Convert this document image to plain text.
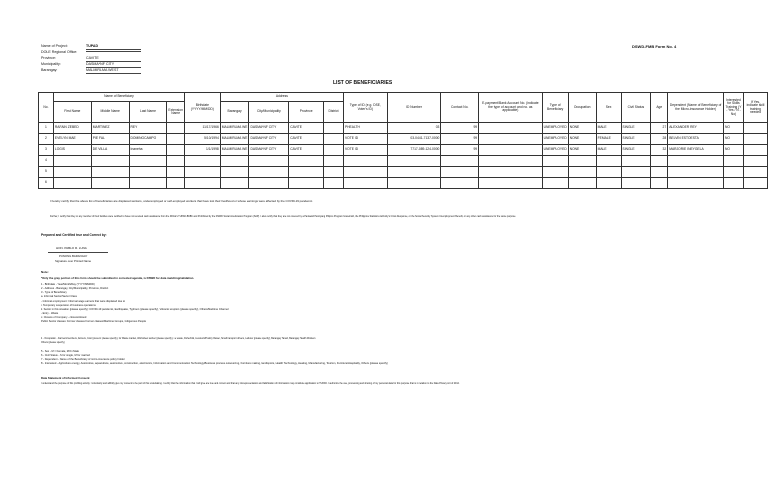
DSWD-FMB Form No. 4
Name of Project:	TUPAD
DOLE Regional Office:
Province:	CAVITE
Municipality:	DASMA*NF CITY
Barangay:	MALMIRLMA WEST
LIST OF BENEFICIARIES
No.	Name of Beneficiary				Birthdate (YYYY/MM/DD)	Address				Type of ID (e.g. DSE, Voter's ID)	ID Number	Contact No.	E-payment/Bank Account No. (indicate the type of account and no. as applicable)	Type of Beneficiary	Occupation	Sex	Civil Status	Age	Dependent (Name of Beneficiary of the Micro-insurance Holder)	Interested for Skills Training (Y - Yes / N - No)	If Yes, indicate skill training needed
	First Name	Middle Name	Last Name	Extension Name		Barangay	City/Municipality	Province	District												
1	RAFAIN ZEBED	MARTINEZ	REY		11/17/1966	MALMIRLMA WE	DASMA*NF CITY	CAVITE		PHEALTH	03	99		UNEMPLOYED	NONE	MALE	SINGLE	27	ALEXANDER REY	NO	
2	EVELYN MAE	PIE FAL	DOMINGCAMPO		5/10/1994	MALMIRLMA WE	DASMA*NF CITY	CAVITE		VOTE ID	03-0441-7137-0000	99		UNEMPLOYED	NONE	FEMALE	SINGLE	28	BELVIN ESTOESTA	NO	
3	LOGIS	DE VILLA	Inaneha		1/1/1998	MALMIRLMA WE	DASMA*NF CITY	CAVITE		VOTE ID	7717-089-124-0000	99		UNEMPLOYED	NONE	MALE	SINGLE	32	MARJORIE INEYGELA	NO	
4																					
5																					
6																					
I hereby certify that the above list of beneficiaries are displaced workers, underemployed or self-employed workers that have lost their livelihood or whose earnings were affected by the COVID-19 pandemic.
Further, I certify that they or any member of their families were certified to have not received cash assistance from the DOLE's TUPAD-BKBK and Prohibited by the DSWD Social Amelioration Program (SAP). I also certify that they are not covered by a Pantawid Pamilyang Pilipino Program household, the Philippine Statistics Authority's Crisis Response, or the Social Security System Unemployment Benefit, or any other cash assistance for the same purpose.
Prepared and Certified true and Correct by:
HON. PABLO R. LUNA
PUNONG BARANGAY
Signature over Printed Name
Note:
*Only the gray portion of this form should be submitted in corrected agenda, is DSWD for data matching/validation.
1 - Birthdate - Year/Month/Day (YYYY/MM/DD)
2 - Address - Barangay, City/Municipality, Province, District
3 - Type of Beneficiary
a. Informal Sector/Sector Class
- Informal employment: Informal wage earners that were displaced due to
i. Temporary suspension of business operations
ii. Sector in this situation (please specify): COVID-19 pandemic, Earthquake, Typhoon (please specify), Volcanic eruption (please specify), Others/Maritime Channel
- Entry - Waste
c. Closure of Company - closure/closed
Public Sector classes: Former classes Former classes/Maritime Groups, Indigenous People
4 - Occupation - Farmers/members, farmers, Cost (prevent: please specify), Gr Waste market, Worksheet worker (please specify), i.e waste, Fisherfolk, Livestock/Poultry Raiser, Small transport drivers, Laborer (please specify), Barangay Tanod, Barangay Health Workers
Others (please specify)
5 - Sex - M = Female, M=In Male
6 - Civil Status - S for single, M for married
7 - Dependent - Name of the Beneficiary of micro-insurance policy holder
8 - Interested - Agriculture energy, Automotive, aquaculture, automotive, construction, electronics, Information and Communication Technology/Business process outsourcing, Furniture making, land/sports, Health Technology, Heating, Manufacturing, Tourism, Furniture/Hospitality, Others (please specify)
Data Statement of Informed Consent
I understand the purpose of this profiling activity. I voluntarily and willfully give my consent to be part of this undertaking. I certify that the information that I will give are true and correct and that any misrepresentation and falsification of information may constitute application to TUPAD. I authorize the use, processing and sharing of my personal data for this purpose that is in relation to the Data Privacy Act of 2012.
